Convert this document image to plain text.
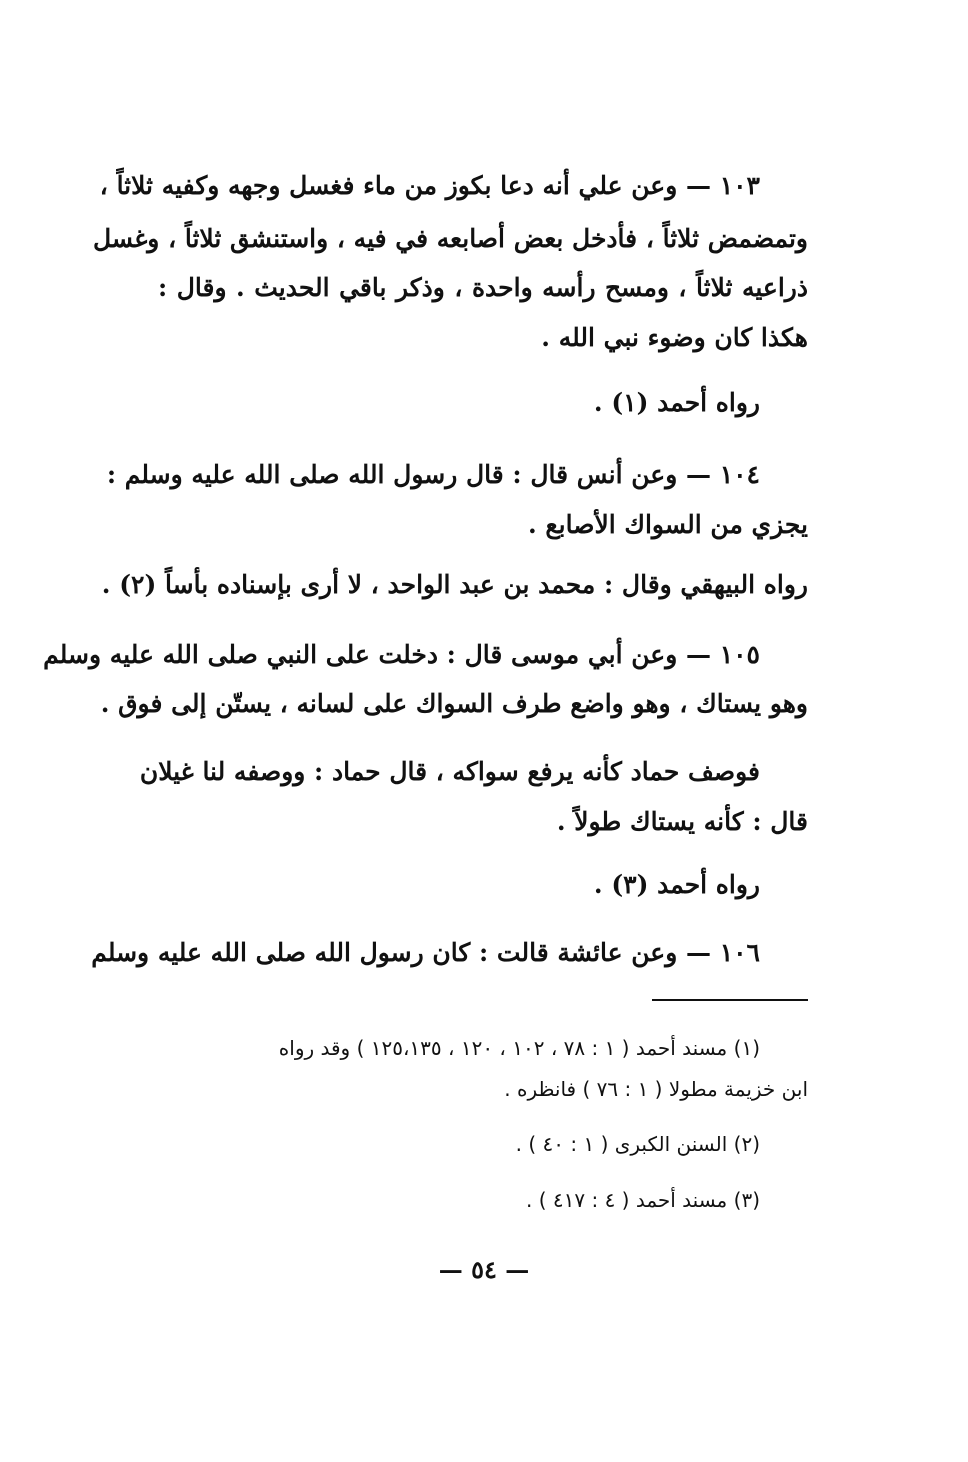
١٠٣ — وعن علي أنه دعا بكوز من ماء فغسل وجهه وكفيه ثلاثاً ،
وتمضمض ثلاثاً ، فأدخل بعض أصابعه في فيه ، واستنشق ثلاثاً ، وغسل
ذراعيه ثلاثاً ، ومسح رأسه واحدة ، وذكر باقي الحديث . وقال :
هكذا كان وضوء نبي الله .
رواه أحمد (١) .
١٠٤ — وعن أنس قال : قال رسول الله صلى الله عليه وسلم :
يجزي من السواك الأصابع .
رواه البيهقي وقال : محمد بن عبد الواحد ، لا أرى بإسناده بأساً (٢) .
١٠٥ — وعن أبي موسى قال : دخلت على النبي صلى الله عليه وسلم
وهو يستاك ، وهو واضع طرف السواك على لسانه ، يستّن إلى فوق .
فوصف حماد كأنه يرفع سواكه ، قال حماد : ووصفه لنا غيلان
قال : كأنه يستاك طولاً .
رواه أحمد (٣) .
١٠٦ — وعن عائشة قالت : كان رسول الله صلى الله عليه وسلم
(١) مسند أحمد ( ١ : ٧٨ ، ١٠٢ ، ١٢٠ ، ١٢٥،١٣٥ ) وقد رواه
ابن خزيمة مطولا ( ١ : ٧٦ ) فانظره .
(٢) السنن الكبرى ( ١ : ٤٠ ) .
(٣) مسند أحمد ( ٤ : ٤١٧ ) .
— ٥٤ —
